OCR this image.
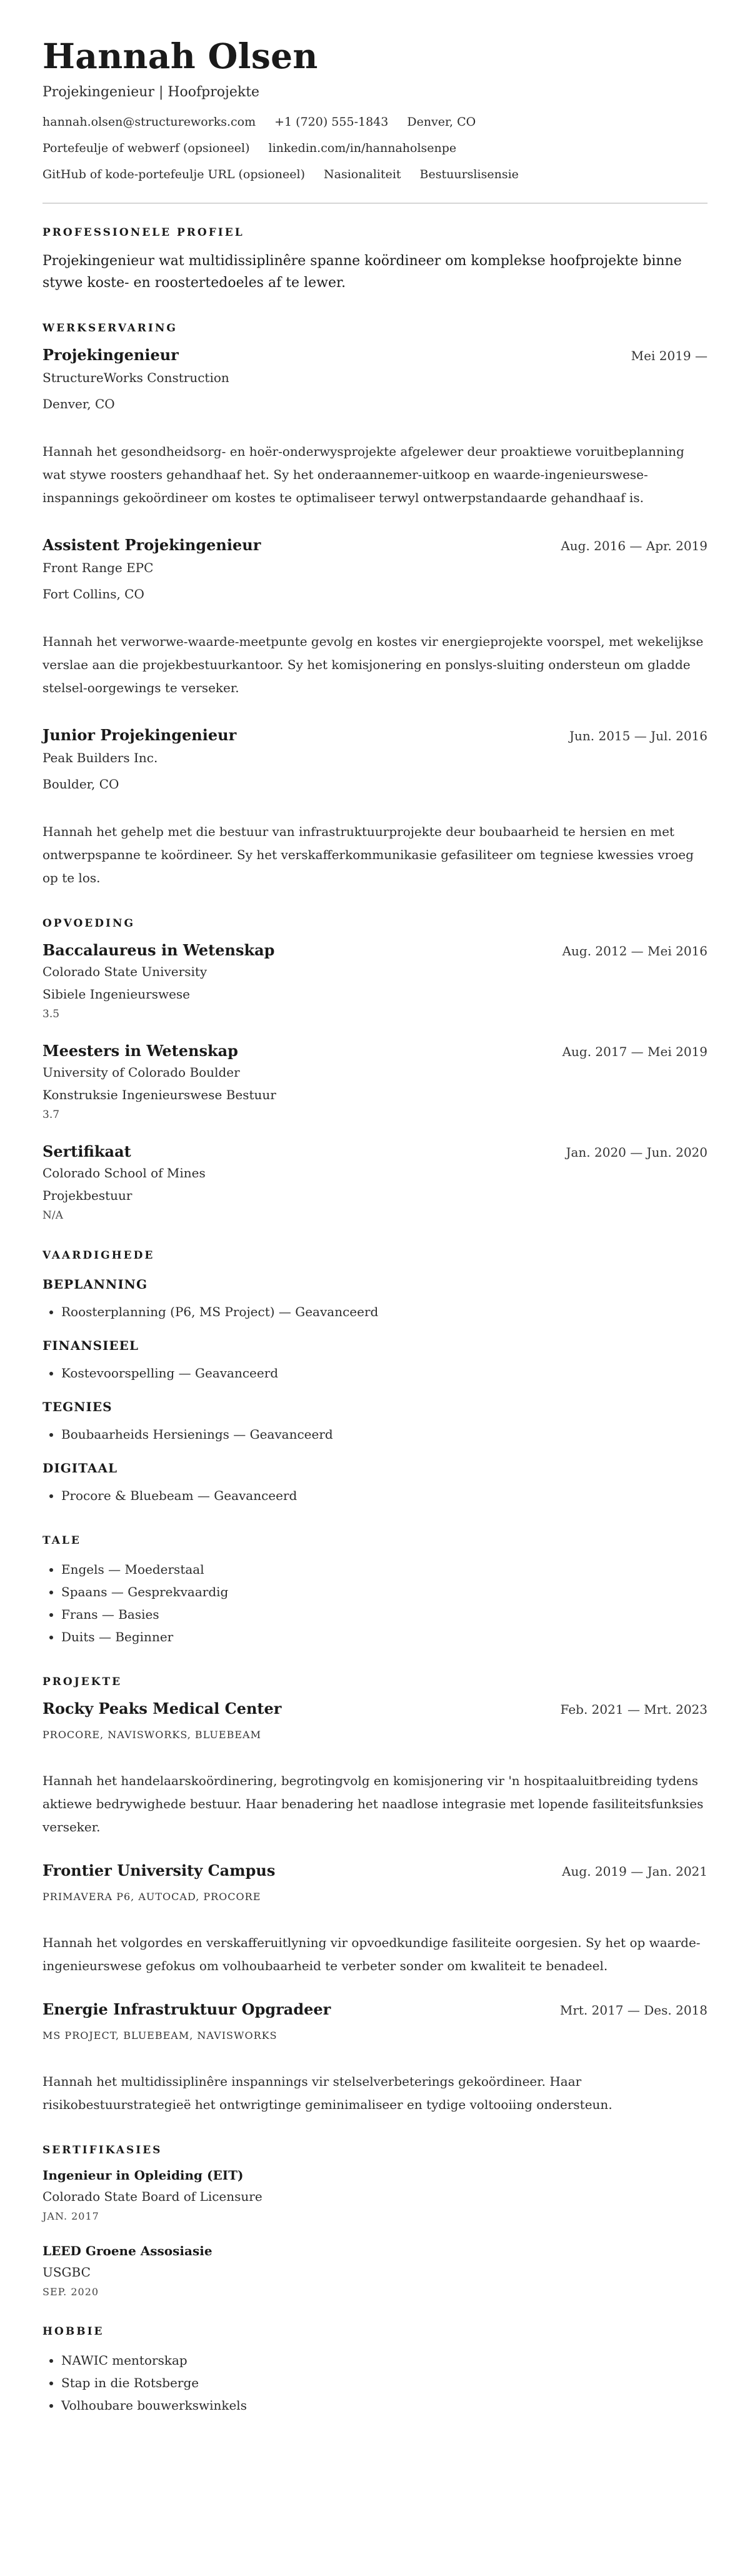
Hannah Olsen
Projekingenieur | Hoofprojekte
hannah.olsen@structureworks.com +1 (720) 555-1843 Denver, CO
Portefeulje of webwerf (opsioneel) linkedin.com/in/hannaholsenpe
GitHub of kode-portefeulje URL (opsioneel) Nasionaliteit Bestuurslisensie
PROFESSIONELE PROFIEL

Projekingenieur wat multidissiplinêre spanne koördineer om komplekse hoofprojekte binne stywe koste- en roostertedoeles af te lewer.

WERKSERVARING
Projekingenieur	Mei 2019 —
StructureWorks Construction
Denver, CO

Hannah het gesondheidsorg- en hoër-onderwysprojekte afgelewer deur proaktiewe voruitbeplanning wat stywe roosters gehandhaaf het. Sy het onderaannemer-uitkoop en waarde-ingenieurswese-inspannings gekoördineer om kostes te optimaliseer terwyl ontwerpstandaarde gehandhaaf is.

Assistent Projekingenieur	Aug. 2016 — Apr. 2019
Front Range EPC
Fort Collins, CO

Hannah het verworwe-waarde-meetpunte gevolg en kostes vir energieprojekte voorspel, met wekelijkse verslae aan die projekbestuurkantoor. Sy het komisjonering en ponslys-sluiting ondersteun om gladde stelsel-oorgewings te verseker.

Junior Projekingenieur	Jun. 2015 — Jul. 2016
Peak Builders Inc.
Boulder, CO

Hannah het gehelp met die bestuur van infrastruktuurprojekte deur boubaarheid te hersien en met ontwerpspanne te koördineer. Sy het verskafferkommunikasie gefasiliteer om tegniese kwessies vroeg op te los.

OPVOEDING
Baccalaureus in Wetenskap	Aug. 2012 — Mei 2016
Colorado State University
Sibiele Ingenieurswese
3.5
Meesters in Wetenskap	Aug. 2017 — Mei 2019
University of Colorado Boulder
Konstruksie Ingenieurswese Bestuur
3.7
Sertifikaat	Jan. 2020 — Jun. 2020
Colorado School of Mines
Projekbestuur
N/A
VAARDIGHEDE
BEPLANNING
• Roosterplanning (P6, MS Project) — Geavanceerd
FINANSIEEL
• Kostevoorspelling — Geavanceerd
TEGNIES
• Boubaarheids Hersienings — Geavanceerd
DIGITAAL
• Procore & Bluebeam — Geavanceerd
TALE
• Engels — Moederstaal
• Spaans — Gesprekvaardig
• Frans — Basies
• Duits — Beginner
PROJEKTE
Rocky Peaks Medical Center	Feb. 2021 — Mrt. 2023
PROCORE, NAVISWORKS, BLUEBEAM

Hannah het handelaarskoördinering, begrotingvolg en komisjonering vir 'n hospitaaluitbreiding tydens aktiewe bedrywighede bestuur. Haar benadering het naadlose integrasie met lopende fasiliteitsfunksies verseker.

Frontier University Campus	Aug. 2019 — Jan. 2021
PRIMAVERA P6, AUTOCAD, PROCORE

Hannah het volgordes en verskafferuitlyning vir opvoedkundige fasiliteite oorgesien. Sy het op waarde-ingenieurswese gefokus om volhoubaarheid te verbeter sonder om kwaliteit te benadeel.

Energie Infrastruktuur Opgradeer	Mrt. 2017 — Des. 2018
MS PROJECT, BLUEBEAM, NAVISWORKS

Hannah het multidissiplinêre inspannings vir stelselverbeterings gekoördineer. Haar risikobestuurstrategieë het ontwrigtinge geminimaliseer en tydige voltooiing ondersteun.

SERTIFIKASIES
Ingenieur in Opleiding (EIT)
Colorado State Board of Licensure
JAN. 2017
LEED Groene Assosiasie
USGBC
SEP. 2020
HOBBIE
• NAWIC mentorskap
• Stap in die Rotsberge
• Volhoubare bouwerkswinkels
